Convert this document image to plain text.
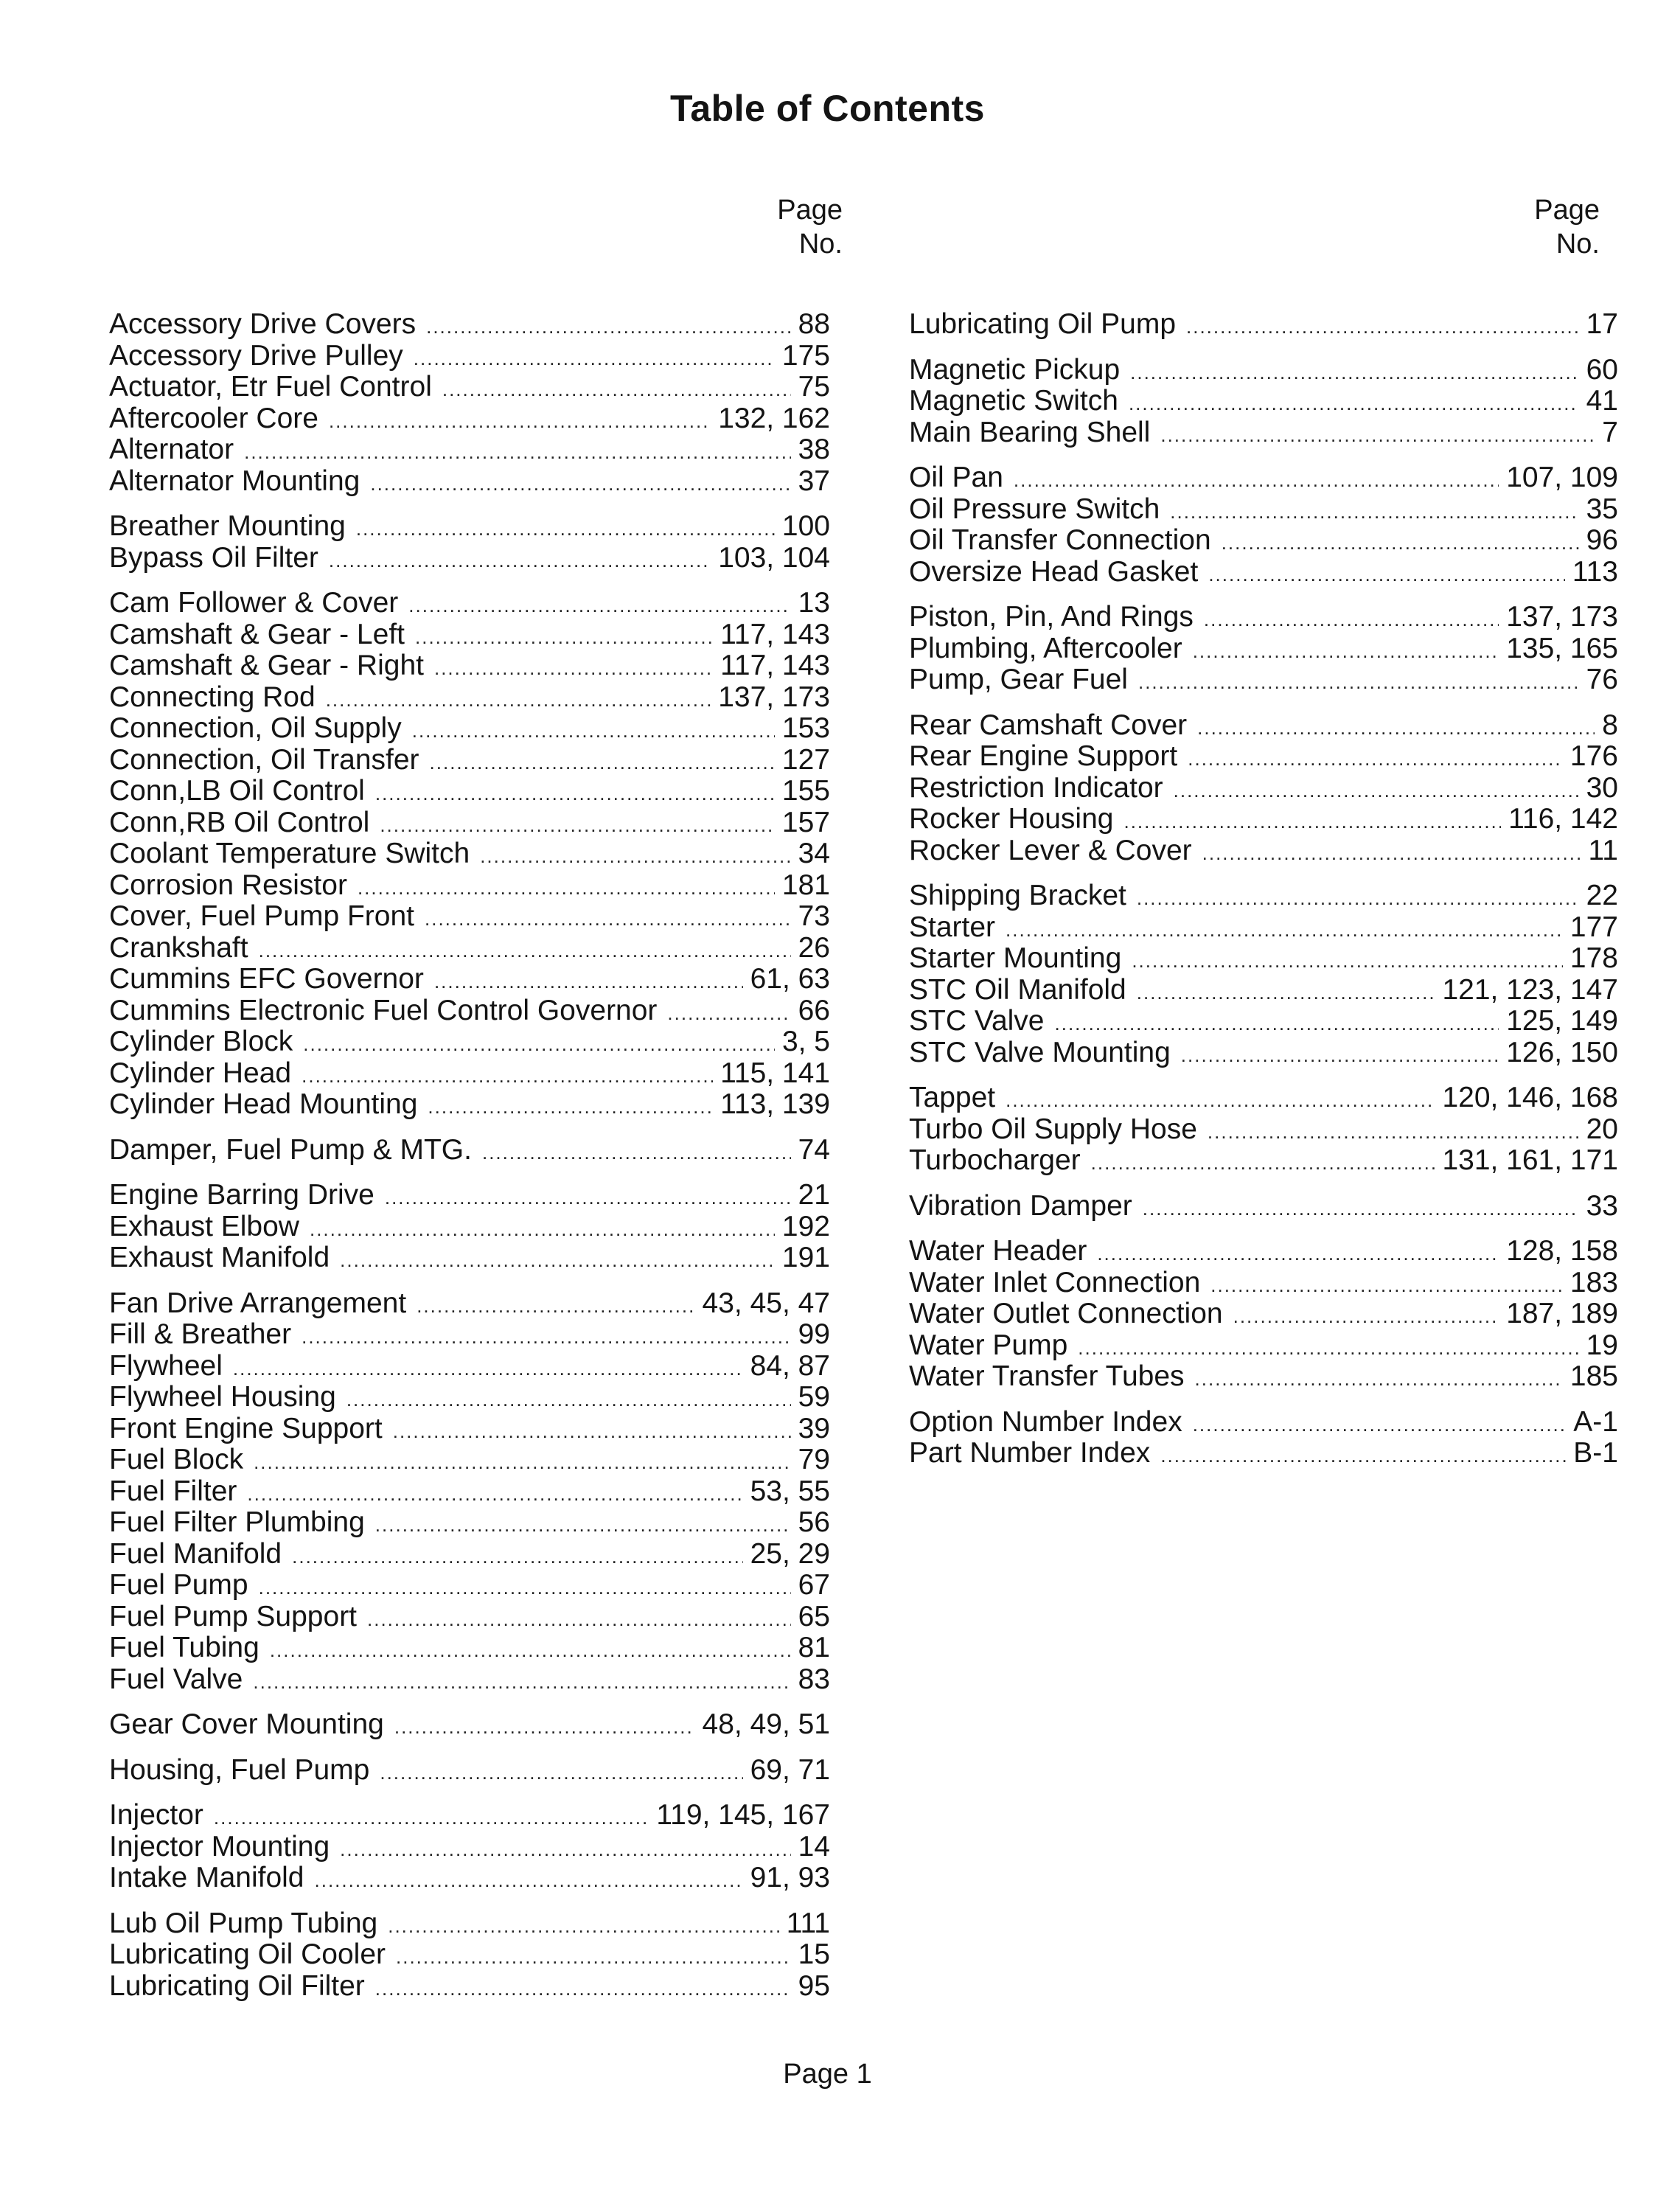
Table of Contents
Page
No.
Page
No.
Accessory Drive Covers .....	88
Accessory Drive Pulley .....	175
Actuator, Etr Fuel Control .....	75
Aftercooler Core .....	132, 162
Alternator .....	38
Alternator Mounting .....	37
Breather Mounting .....	100
Bypass Oil Filter .....	103, 104
Cam Follower & Cover .....	13
Camshaft & Gear - Left .....	117, 143
Camshaft & Gear - Right .....	117, 143
Connecting Rod .....	137, 173
Connection, Oil Supply .....	153
Connection, Oil Transfer .....	127
Conn,LB Oil Control .....	155
Conn,RB Oil Control .....	157
Coolant Temperature Switch .....	34
Corrosion Resistor .....	181
Cover, Fuel Pump Front .....	73
Crankshaft .....	26
Cummins EFC Governor .....	61, 63
Cummins Electronic Fuel Control Governor .....	66
Cylinder Block .....	3, 5
Cylinder Head .....	115, 141
Cylinder Head Mounting .....	113, 139
Damper, Fuel Pump & MTG. .....	74
Engine Barring Drive .....	21
Exhaust Elbow .....	192
Exhaust Manifold .....	191
Fan Drive Arrangement .....	43, 45, 47
Fill & Breather .....	99
Flywheel .....	84, 87
Flywheel Housing .....	59
Front Engine Support .....	39
Fuel Block .....	79
Fuel Filter .....	53, 55
Fuel Filter Plumbing .....	56
Fuel Manifold .....	25, 29
Fuel Pump .....	67
Fuel Pump Support .....	65
Fuel Tubing .....	81
Fuel Valve .....	83
Gear Cover Mounting .....	48, 49, 51
Housing, Fuel Pump .....	69, 71
Injector .....	119, 145, 167
Injector Mounting .....	14
Intake Manifold .....	91, 93
Lub Oil Pump Tubing .....	111
Lubricating Oil Cooler .....	15
Lubricating Oil Filter .....	95
Lubricating Oil Pump .....	17
Magnetic Pickup .....	60
Magnetic Switch .....	41
Main Bearing Shell .....	7
Oil Pan .....	107, 109
Oil Pressure Switch .....	35
Oil Transfer Connection .....	96
Oversize Head Gasket .....	113
Piston, Pin, And Rings .....	137, 173
Plumbing, Aftercooler .....	135, 165
Pump, Gear Fuel .....	76
Rear Camshaft Cover .....	8
Rear Engine Support .....	176
Restriction Indicator .....	30
Rocker Housing .....	116, 142
Rocker Lever & Cover .....	11
Shipping Bracket .....	22
Starter .....	177
Starter Mounting .....	178
STC Oil Manifold .....	121, 123, 147
STC Valve .....	125, 149
STC Valve Mounting .....	126, 150
Tappet .....	120, 146, 168
Turbo Oil Supply Hose .....	20
Turbocharger .....	131, 161, 171
Vibration Damper .....	33
Water Header .....	128, 158
Water Inlet Connection .....	183
Water Outlet Connection .....	187, 189
Water Pump .....	19
Water Transfer Tubes .....	185
Option Number Index .....	A-1
Part Number Index .....	B-1
Page 1
